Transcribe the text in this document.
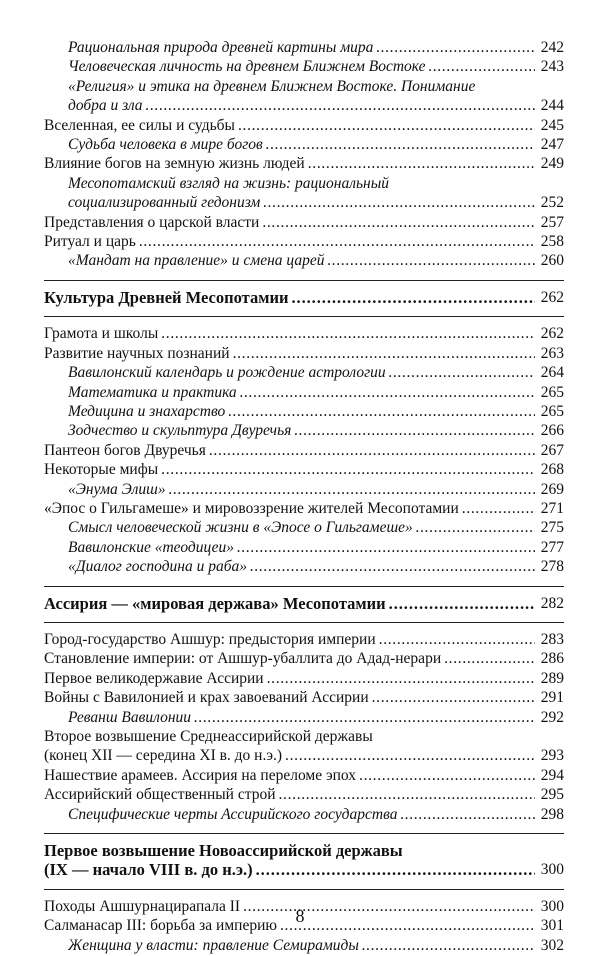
Рациональная природа древней картины мира . . .	242
Человеческая личность на древнем Ближнем Востоке . . .	243
«Религия» и этика на древнем Ближнем Востоке. Понимание
добра и зла . . .	244
Вселенная, ее силы и судьбы . . .	245
Судьба человека в мире богов . . .	247
Влияние богов на земную жизнь людей . . .	249
Месопотамский взгляд на жизнь: рациональный
социализированный гедонизм . . .	252
Представления о царской власти . . .	257
Ритуал и царь . . .	258
«Мандат на правление» и смена царей . . .	260
Культура Древней Месопотамии . . .	262
Грамота и школы . . .	262
Развитие научных познаний . . .	263
Вавилонский календарь и рождение астрологии . . .	264
Математика и практика . . .	265
Медицина и знахарство . . .	265
Зодчество и скульптура Двуречья . . .	266
Пантеон богов Двуречья . . .	267
Некоторые мифы . . .	268
«Энума Элиш» . . .	269
«Эпос о Гильгамеше» и мировоззрение жителей Месопотамии . . .	271
Смысл человеческой жизни в «Эпосе о Гильгамеше» . . .	275
Вавилонские «теодицеи» . . .	277
«Диалог господина и раба» . . .	278
Ассирия — «мировая держава» Месопотамии . . .	282
Город-государство Ашшур: предыстория империи . . .	283
Становление империи: от Ашшур-убаллита до Адад-нерари . . .	286
Первое великодержавие Ассирии . . .	289
Войны с Вавилонией и крах завоеваний Ассирии . . .	291
Реванш Вавилонии . . .	292
Второе возвышение Среднеассирийской державы
(конец XII — середина XI в. до н.э.) . . .	293
Нашествие арамеев. Ассирия на переломе эпох . . .	294
Ассирийский общественный строй . . .	295
Специфические черты Ассирийского государства . . .	298
Первое возвышение Новоассирийской державы
(IX — начало VIII в. до н.э.) . . .	300
Походы Ашшурнацирапала II . . .	300
Салманасар III: борьба за империю . . .	301
Женщина у власти: правление Семирамиды . . .	302
8
